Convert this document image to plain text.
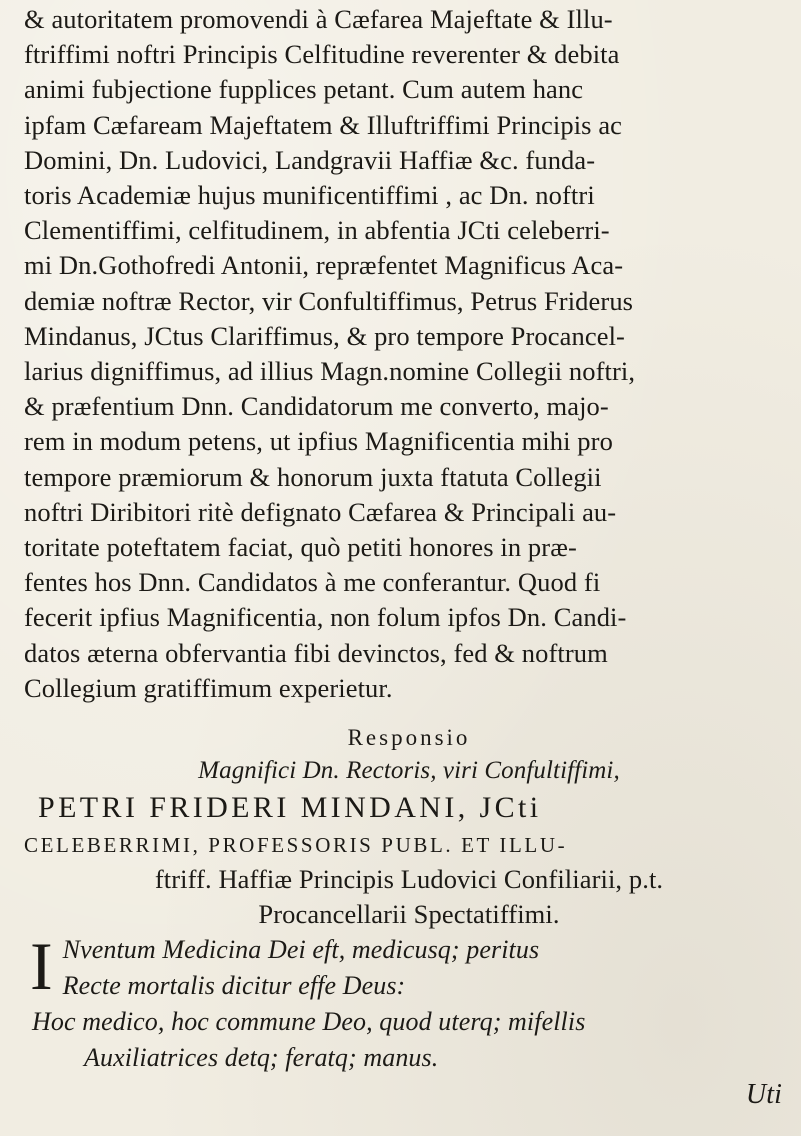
& autoritatem promovendi à Cæfarea Majeftate & Illu-
ftriffimi noftri Principis Celfitudine reverenter & debita
animi fubjectione fupplices petant. Cum autem hanc
ipfam Cæfaream Majeftatem & Illuftriffimi Principis ac
Domini, Dn. Ludovici, Landgravii Haffiæ &c. funda-
toris Academiæ hujus munificentiffimi , ac Dn. noftri
Clementiffimi, celfitudinem, in abfentia JCti celeberri-
mi Dn.Gothofredi Antonii, repræfentet Magnificus Aca-
demiæ noftræ Rector, vir Confultiffimus, Petrus Friderus
Mindanus, JCtus Clariffimus, & pro tempore Procancel-
larius digniffimus, ad illius Magn.nomine Collegii noftri,
& præfentium Dnn. Candidatorum me converto, majo-
rem in modum petens, ut ipfius Magnificentia mihi pro
tempore præmiorum & honorum juxta ftatuta Collegii
noftri Diribitori ritè defignato Cæfarea & Principali au-
toritate poteftatem faciat, quò petiti honores in præ-
fentes hos Dnn. Candidatos à me conferantur. Quod fi
fecerit ipfius Magnificentia, non folum ipfos Dn. Candi-
datos æterna obfervantia fibi devinctos, fed & noftrum
Collegium gratiffimum experietur.
Responsio
Magnifici Dn. Rectoris, viri Confultiffimi,
PETRI FRIDERI MINDANI, JCti
CELEBERRIMI, PROFESSORIS PUBL. ET ILLU-
ftriff. Haffiæ Principis Ludovici Confiliarii, p.t.
Procancellarii Spectatiffimi.
I Nventum Medicina Dei eft, medicusq; peritus
Recte mortalis dicitur effe Deus:
Hoc medico, hoc commune Deo, quod uterq; mifellis
Auxiliatrices detq; feratq; manus.
Uti
